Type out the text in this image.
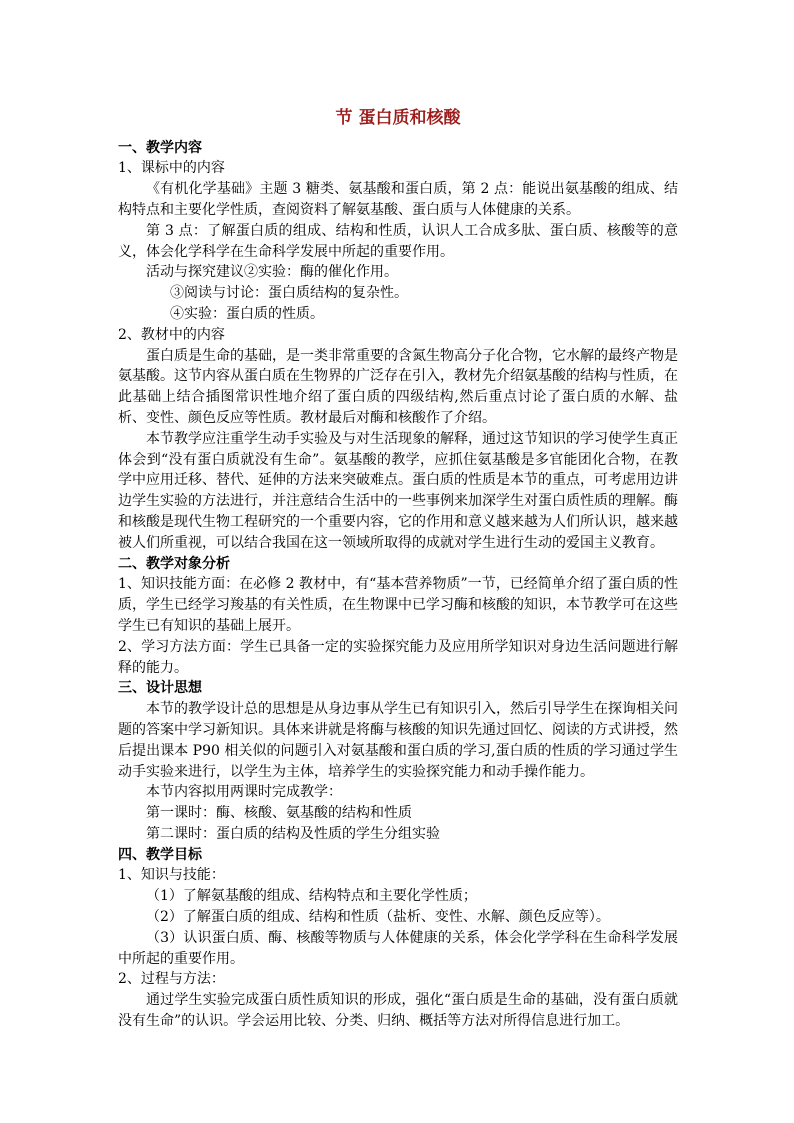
节 蛋白质和核酸

一、教学内容

1、课标中的内容

《有机化学基础》主题 3 糖类、氨基酸和蛋白质，第 2 点：能说出氨基酸的组成、结构特点和主要化学性质，查阅资料了解氨基酸、蛋白质与人体健康的关系。

第 3 点：了解蛋白质的组成、结构和性质，认识人工合成多肽、蛋白质、核酸等的意义，体会化学科学在生命科学发展中所起的重要作用。

活动与探究建议②实验：酶的催化作用。

③阅读与讨论：蛋白质结构的复杂性。

④实验：蛋白质的性质。

2、教材中的内容

蛋白质是生命的基础，是一类非常重要的含氮生物高分子化合物，它水解的最终产物是氨基酸。这节内容从蛋白质在生物界的广泛存在引入，教材先介绍氨基酸的结构与性质，在此基础上结合插图常识性地介绍了蛋白质的四级结构,然后重点讨论了蛋白质的水解、盐析、变性、颜色反应等性质。教材最后对酶和核酸作了介绍。

本节教学应注重学生动手实验及与对生活现象的解释，通过这节知识的学习使学生真正体会到“没有蛋白质就没有生命”。氨基酸的教学，应抓住氨基酸是多官能团化合物，在教学中应用迁移、替代、延伸的方法来突破难点。蛋白质的性质是本节的重点，可考虑用边讲边学生实验的方法进行，并注意结合生活中的一些事例来加深学生对蛋白质性质的理解。酶和核酸是现代生物工程研究的一个重要内容，它的作用和意义越来越为人们所认识，越来越被人们所重视，可以结合我国在这一领域所取得的成就对学生进行生动的爱国主义教育。

二、教学对象分析

1、知识技能方面：在必修 2 教材中，有“基本营养物质”一节，已经简单介绍了蛋白质的性质，学生已经学习羧基的有关性质，在生物课中已学习酶和核酸的知识，本节教学可在这些学生已有知识的基础上展开。

2、学习方法方面：学生已具备一定的实验探究能力及应用所学知识对身边生活问题进行解释的能力。

三、设计思想

本节的教学设计总的思想是从身边事从学生已有知识引入，然后引导学生在探询相关问题的答案中学习新知识。具体来讲就是将酶与核酸的知识先通过回忆、阅读的方式讲授，然后提出课本 P90 相关似的问题引入对氨基酸和蛋白质的学习,蛋白质的性质的学习通过学生动手实验来进行，以学生为主体，培养学生的实验探究能力和动手操作能力。

本节内容拟用两课时完成教学：

第一课时：酶、核酸、氨基酸的结构和性质

第二课时：蛋白质的结构及性质的学生分组实验

四、教学目标

1、知识与技能：

（1）了解氨基酸的组成、结构特点和主要化学性质；

（2）了解蛋白质的组成、结构和性质（盐析、变性、水解、颜色反应等）。

（3）认识蛋白质、酶、核酸等物质与人体健康的关系，体会化学学科在生命科学发展中所起的重要作用。

2、过程与方法：

通过学生实验完成蛋白质性质知识的形成，强化“蛋白质是生命的基础，没有蛋白质就没有生命”的认识。学会运用比较、分类、归纳、概括等方法对所得信息进行加工。
